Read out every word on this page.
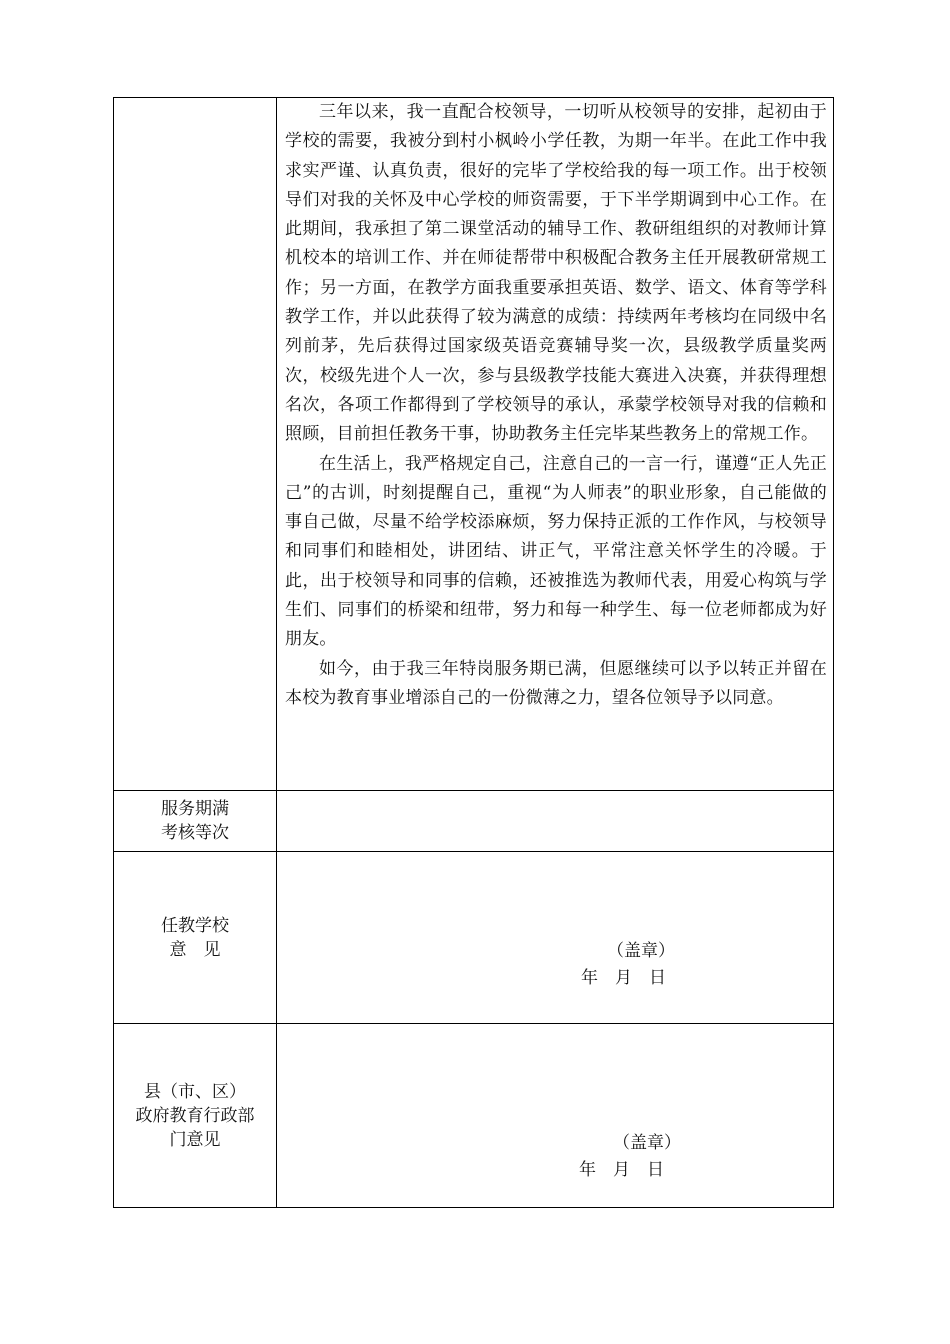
	三年以来，我一直配合校领导，一切听从校领导的安排，起初由于学校的需要，我被分到村小枫岭小学任教，为期一年半。在此工作中我求实严谨、认真负责，很好的完毕了学校给我的每一项工作。出于校领导们对我的关怀及中心学校的师资需要，于下半学期调到中心工作。在此期间，我承担了第二课堂活动的辅导工作、教研组组织的对教师计算机校本的培训工作、并在师徒帮带中积极配合教务主任开展教研常规工作；另一方面，在教学方面我重要承担英语、数学、语文、体育等学科教学工作，并以此获得了较为满意的成绩：持续两年考核均在同级中名列前茅，先后获得过国家级英语竞赛辅导奖一次，县级教学质量奖两次，校级先进个人一次，参与县级教学技能大赛进入决赛，并获得理想名次，各项工作都得到了学校领导的承认，承蒙学校领导对我的信赖和照顾，目前担任教务干事，协助教务主任完毕某些教务上的常规工作。

在生活上，我严格规定自己，注意自己的一言一行，谨遵“正人先正己”的古训，时刻提醒自己，重视“为人师表”的职业形象，自己能做的事自己做，尽量不给学校添麻烦，努力保持正派的工作作风，与校领导和同事们和睦相处，讲团结、讲正气，平常注意关怀学生的冷暖。于此，出于校领导和同事的信赖，还被推选为教师代表，用爱心构筑与学生们、同事们的桥梁和纽带，努力和每一种学生、每一位老师都成为好朋友。

如今，由于我三年特岗服务期已满，但愿继续可以予以转正并留在本校为教育事业增添自己的一份微薄之力，望各位领导予以同意。

服务期满
考核等次	

任教学校
意　见	（盖章）
年　月　日

县（市、区）
政府教育行政部
门意见	（盖章）
年　月　日
